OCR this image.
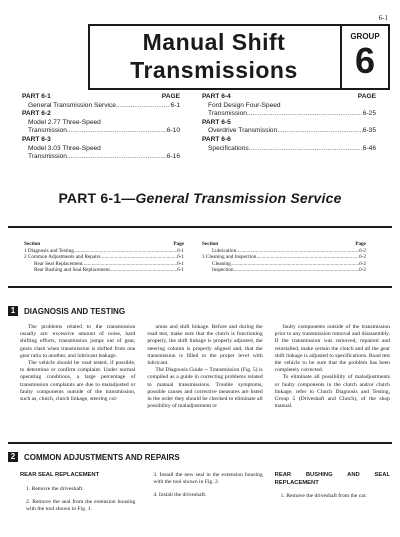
6-1
Manual Shift
Transmissions
GROUP
6
PART 6-1	PAGE
General Transmission Service .....	6-1
PART 6-2
Model 2.77 Three-Speed
Transmission .....	6-10
PART 6-3
Model 3.03 Three-Speed
Transmission .....	6-16
PART 6-4	PAGE
Ford Design Four-Speed
Transmission .....	6-25
PART 6-5
Overdrive Transmission .....	6-35
PART 6-6
Specifications .....	6-46
PART 6-1—General Transmission Service
Section	Page
1 Diagnosis and Testing .....	6-1
2 Common Adjustments and Repairs .....	6-1
Rear Seal Replacement .....	6-1
Rear Bushing and Seal Replacement .....	6-1
Section	Page
Lubrication .....	6-2
3 Cleaning and Inspection .....	6-2
Cleaning .....	6-2
Inspection .....	6-2
1	DIAGNOSIS AND TESTING

The problems related to the transmission usually are: excessive amount of noise, hard shifting efforts, transmission jumps out of gear, gears clash when transmission is shifted from one gear ratio to another, and lubricant leakage.

The vehicle should be road tested, if possible, to determine or confirm complaint. Under normal operating conditions, a large percentage of transmission complaints are due to maladjusted or faulty components outside of the transmission, such as, clutch, clutch linkage, steering col-

umns and shift linkage. Before and during the road test, make sure that the clutch is functioning properly, the shift linkage is properly adjusted, the steering column is properly aligned and, that the transmission is filled to the proper level with lubricant.

The Diagnosis Guide -- Transmission (Fig. 5) is compiled as a guide in correcting problems related to manual transmissions. Trouble symptoms, possible causes and corrective measures are listed in the order they should be checked to eliminate all possibility of maladjustment or

faulty components outside of the transmission prior to any transmission removal and disassembly. If the transmission was removed, repaired and reinstalled, make certain the clutch and all the gear shift linkage is adjusted to specifications. Road test the vehicle to be sure that the problem has been completely corrected.

To eliminate all possibility of maladjustments or faulty components in the clutch and/or clutch linkage, refer to Clutch Diagnosis and Testing, Group 5 (Driveshaft and Clutch), of the shop manual.

2	COMMON ADJUSTMENTS AND REPAIRS
REAR SEAL REPLACEMENT

1. Remove the driveshaft.

2. Remove the seal from the extension housing with the tool shown in Fig. 1.

3. Install the new seal in the extension housing with the tool shown in Fig. 2.

4. Install the driveshaft.

REAR BUSHING AND SEAL REPLACEMENT

1. Remove the driveshaft from the car.
